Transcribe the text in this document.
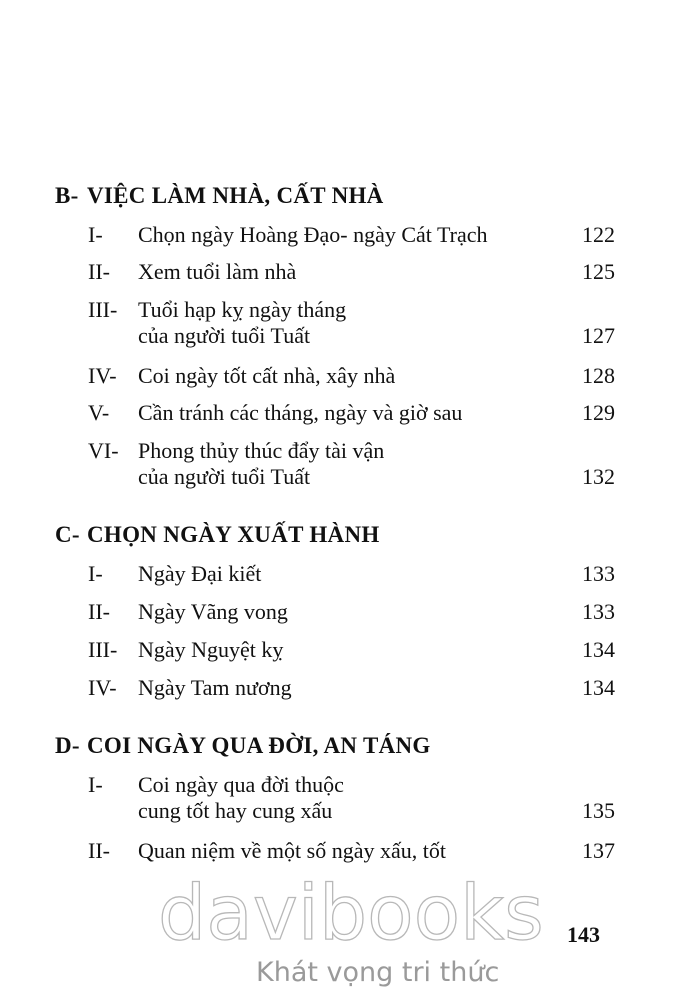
B- VIỆC LÀM NHÀ, CẤT NHÀ
I- Chọn ngày Hoàng Đạo- ngày Cát Trạch	122
II- Xem tuổi làm nhà	125
III- Tuổi hạp kỵ ngày tháng
của người tuổi Tuất	127
IV- Coi ngày tốt cất nhà, xây nhà	128
V- Cần tránh các tháng, ngày và giờ sau	129
VI- Phong thủy thúc đẩy tài vận
của người tuổi Tuất	132
C- CHỌN NGÀY XUẤT HÀNH
I- Ngày Đại kiết	133
II- Ngày Vãng vong	133
III- Ngày Nguyệt kỵ	134
IV- Ngày Tam nương	134
D- COI NGÀY QUA ĐỜI, AN TÁNG
I- Coi ngày qua đời thuộc
cung tốt hay cung xấu	135
II- Quan niệm về một số ngày xấu, tốt	137
davibooks
Khát vọng tri thức
143
